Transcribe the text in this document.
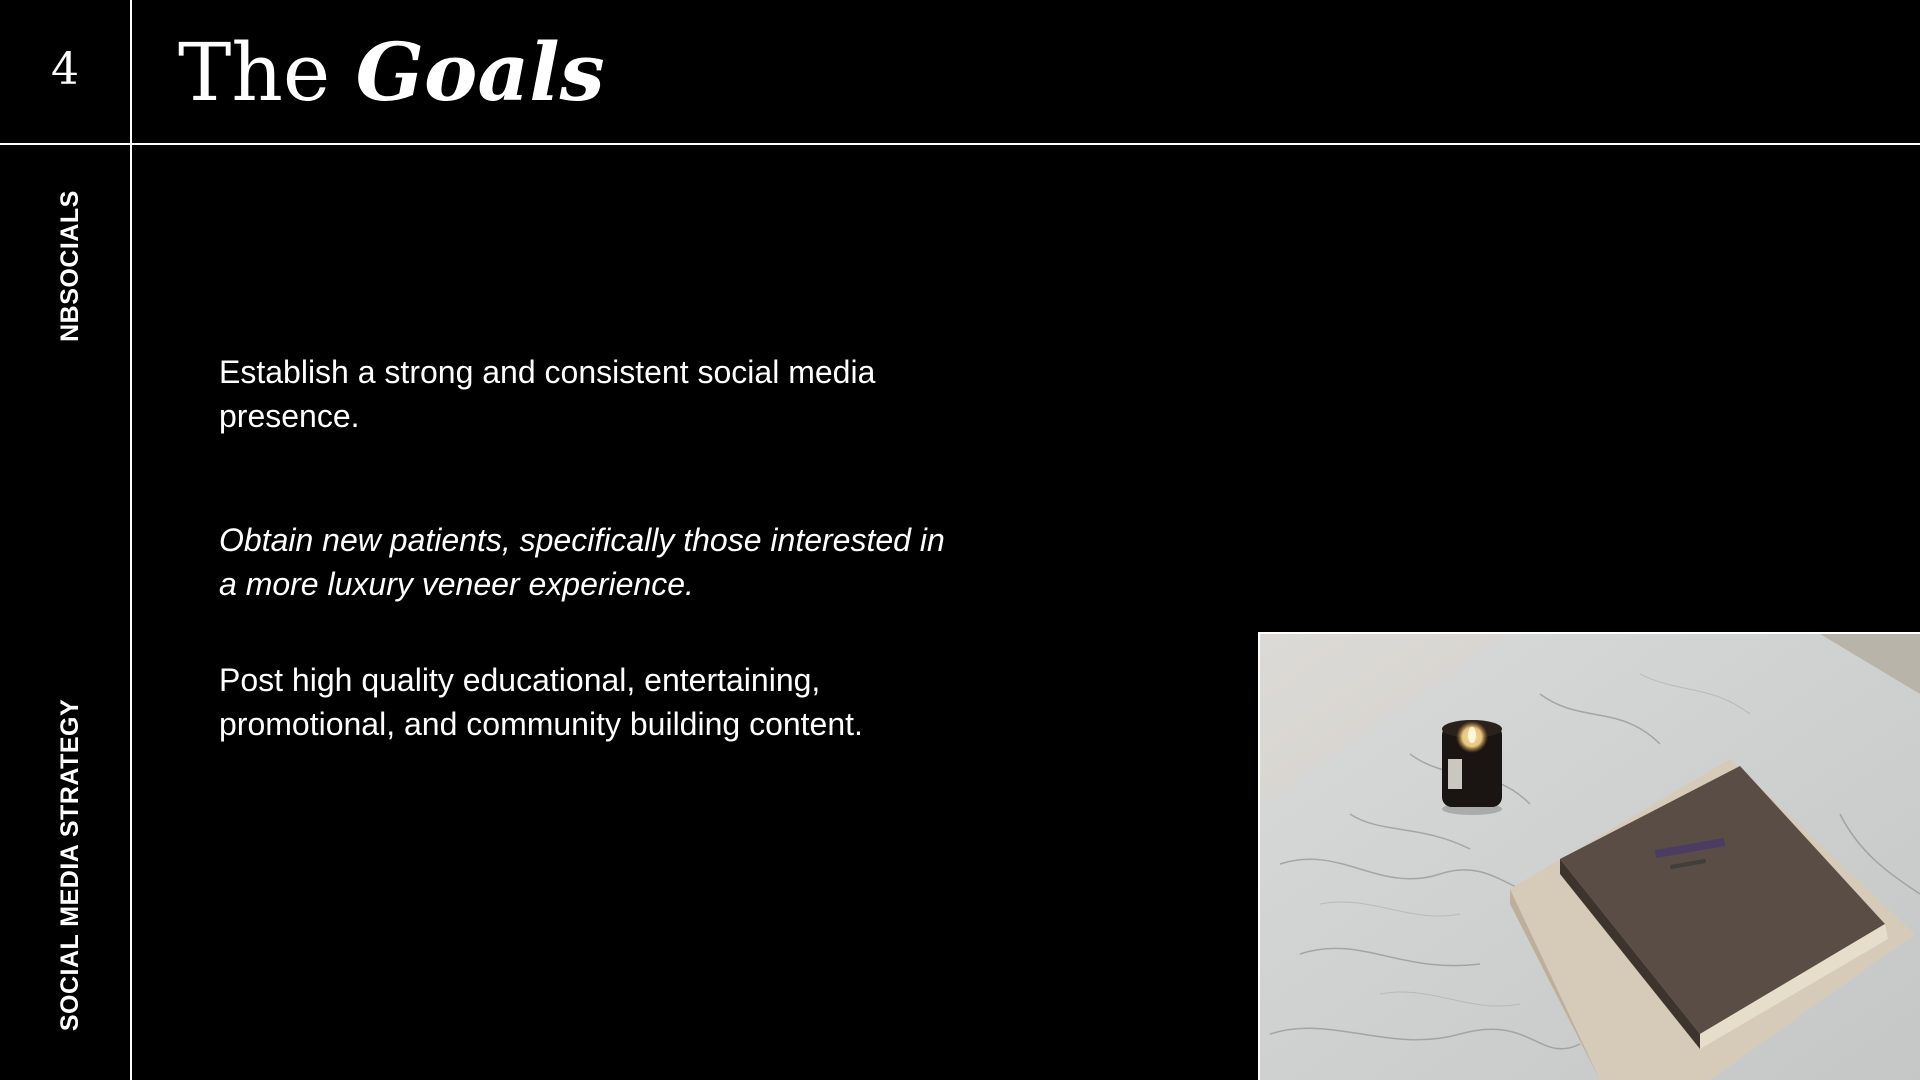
4	The Goals
NBSOCIALS
SOCIAL MEDIA STRATEGY
Establish a strong and consistent social media presence.
Obtain new patients, specifically those interested in a more luxury veneer experience.
Post high quality educational, entertaining, promotional, and community building content.
